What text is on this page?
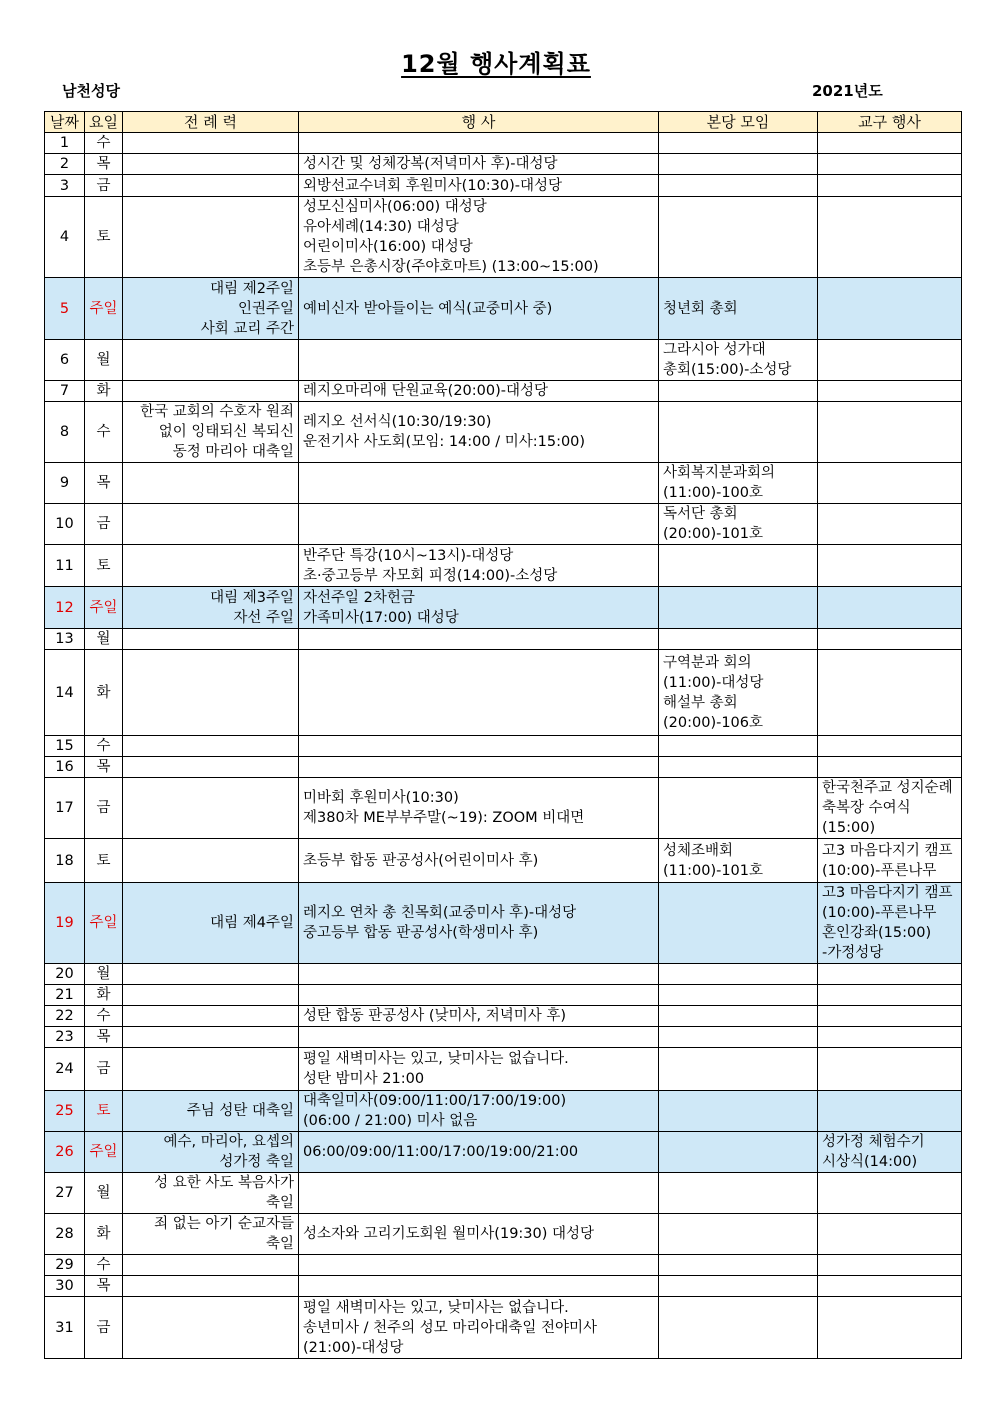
12월 행사계획표
남천성당	2021년도
날짜	요일	전 례 력	행 사	본당 모임	교구 행사
1	수				
2	목		성시간 및 성체강복(저녁미사 후)-대성당		
3	금		외방선교수녀회 후원미사(10:30)-대성당		
4	토		성모신심미사(06:00) 대성당
유아세례(14:30) 대성당
어린이미사(16:00) 대성당
초등부 은총시장(주야호마트) (13:00~15:00)		
5	주일	대림 제2주일
인권주일
사회 교리 주간	예비신자 받아들이는 예식(교중미사 중)	청년회 총회	
6	월			그라시아 성가대
총회(15:00)-소성당	
7	화		레지오마리애 단원교육(20:00)-대성당		
8	수	한국 교회의 수호자 원죄
없이 잉태되신 복되신
동정 마리아 대축일	레지오 선서식(10:30/19:30)
운전기사 사도회(모임: 14:00 / 미사:15:00)		
9	목			사회복지분과회의
(11:00)-100호	
10	금			독서단 총회
(20:00)-101호	
11	토		반주단 특강(10시~13시)-대성당
초·중고등부 자모회 피정(14:00)-소성당		
12	주일	대림 제3주일
자선 주일	자선주일 2차헌금
가족미사(17:00) 대성당		
13	월				
14	화			구역분과 회의
(11:00)-대성당
해설부 총회
(20:00)-106호	
15	수				
16	목				
17	금		미바회 후원미사(10:30)
제380차 ME부부주말(~19): ZOOM 비대면		한국천주교 성지순례
축복장 수여식(15:00)
18	토		초등부 합동 판공성사(어린이미사 후)	성체조배회
(11:00)-101호	고3 마음다지기 캠프
(10:00)-푸른나무
19	주일	대림 제4주일	레지오 연차 총 친목회(교중미사 후)-대성당
중고등부 합동 판공성사(학생미사 후)		고3 마음다지기 캠프
(10:00)-푸른나무
혼인강좌(15:00)
-가정성당
20	월				
21	화				
22	수		성탄 합동 판공성사 (낮미사, 저녁미사 후)		
23	목				
24	금		평일 새벽미사는 있고, 낮미사는 없습니다.
성탄 밤미사 21:00		
25	토	주님 성탄 대축일	대축일미사(09:00/11:00/17:00/19:00)
(06:00 / 21:00) 미사 없음		
26	주일	예수, 마리아, 요셉의
성가정 축일	06:00/09:00/11:00/17:00/19:00/21:00		성가정 체험수기
시상식(14:00)
27	월	성 요한 사도 복음사가
축일			
28	화	죄 없는 아기 순교자들
축일	성소자와 고리기도회원 월미사(19:30) 대성당		
29	수				
30	목				
31	금		평일 새벽미사는 있고, 낮미사는 없습니다.
송년미사 / 천주의 성모 마리아대축일 전야미사
(21:00)-대성당		
